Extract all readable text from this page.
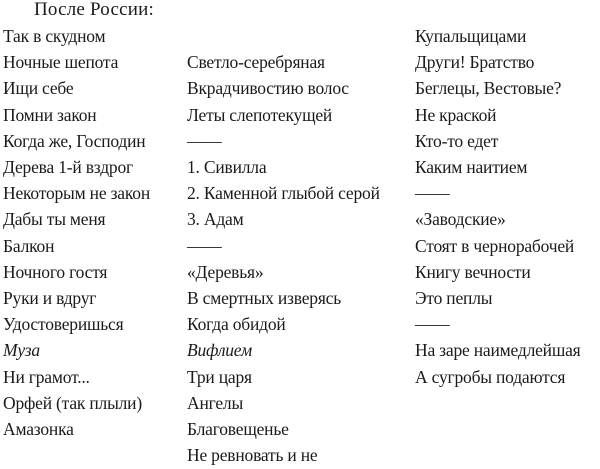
После России:
Так в скудном
Ночные шепота
Ищи себе
Помни закон
Когда же, Господин
Дерева 1-й вздрог
Некоторым не закон
Дабы ты меня
Балкон
Ночного гостя
Руки и вдруг
Удостоверишься
Муза
Ни грамот...
Орфей (так плыли)
Амазонка
Светло-серебряная
Вкрадчивостию волос
Леты слепотекущей
——
1. Сивилла
2. Каменной глыбой серой
3. Адам
——
«Деревья»
В смертных изверясь
Когда обидой
Вифлием
Три царя
Ангелы
Благовещенье
Не ревновать и не
Купальщицами
Други! Братство
Беглецы, Вестовые?
Не краской
Кто-то едет
Каким наитием
——
«Заводские»
Стоят в чернорабочей
Книгу вечности
Это пеплы
——
На заре наимедлейшая
А сугробы подаются
